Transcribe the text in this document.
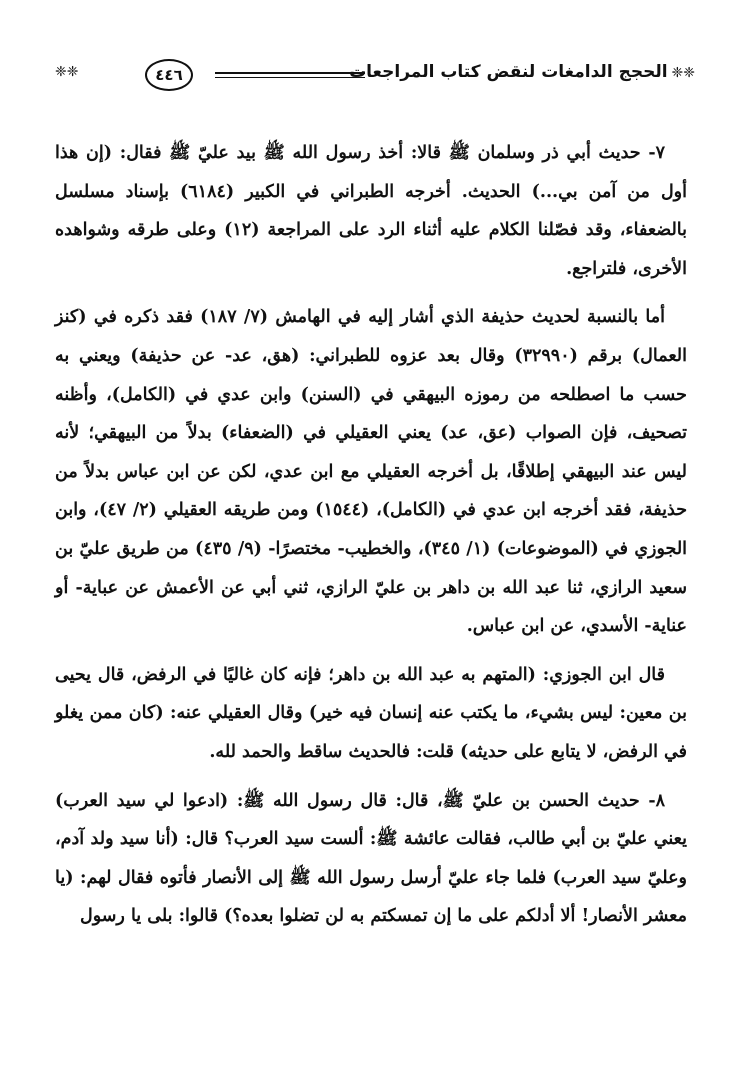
❈❈الحجج الدامغات لنقض كتاب المراجعات
٤٤٦
❈❈

٧- حديث أبي ذر وسلمان ﷺ قالا: أخذ رسول الله ﷺ بيد عليّ ﷺ فقال: (إن هذا أول من آمن بي...) الحديث. أخرجه الطبراني في الكبير (٦١٨٤) بإسناد مسلسل بالضعفاء، وقد فصّلنا الكلام عليه أثناء الرد على المراجعة (١٢) وعلى طرقه وشواهده الأخرى، فلتراجع.

أما بالنسبة لحديث حذيفة الذي أشار إليه في الهامش (٧/ ١٨٧) فقد ذكره في (كنز العمال) برقم (٣٢٩٩٠) وقال بعد عزوه للطبراني: (هق، عد- عن حذيفة) ويعني به حسب ما اصطلحه من رموزه البيهقي في (السنن) وابن عدي في (الكامل)، وأظنه تصحيف، فإن الصواب (عق، عد) يعني العقيلي في (الضعفاء) بدلاً من البيهقي؛ لأنه ليس عند البيهقي إطلاقًا، بل أخرجه العقيلي مع ابن عدي، لكن عن ابن عباس بدلاً من حذيفة، فقد أخرجه ابن عدي في (الكامل)، (١٥٤٤) ومن طريقه العقيلي (٢/ ٤٧)، وابن الجوزي في (الموضوعات) (١/ ٣٤٥)، والخطيب- مختصرًا- (٩/ ٤٣٥) من طريق عليّ بن سعيد الرازي، ثنا عبد الله بن داهر بن عليّ الرازي، ثني أبي عن الأعمش عن عباية- أو عناية- الأسدي، عن ابن عباس.

قال ابن الجوزي: (المتهم به عبد الله بن داهر؛ فإنه كان غاليًا في الرفض، قال يحيى بن معين: ليس بشيء، ما يكتب عنه إنسان فيه خير) وقال العقيلي عنه: (كان ممن يغلو في الرفض، لا يتابع على حديثه) قلت: فالحديث ساقط والحمد لله.

٨- حديث الحسن بن عليّ ﷺ، قال: قال رسول الله ﷺ: (ادعوا لي سيد العرب) يعني عليّ بن أبي طالب، فقالت عائشة ﷺ: ألست سيد العرب؟ قال: (أنا سيد ولد آدم، وعليّ سيد العرب) فلما جاء عليّ أرسل رسول الله ﷺ إلى الأنصار فأتوه فقال لهم: (يا معشر الأنصار! ألا أدلكم على ما إن تمسكتم به لن تضلوا بعده؟) قالوا: بلى يا رسول
